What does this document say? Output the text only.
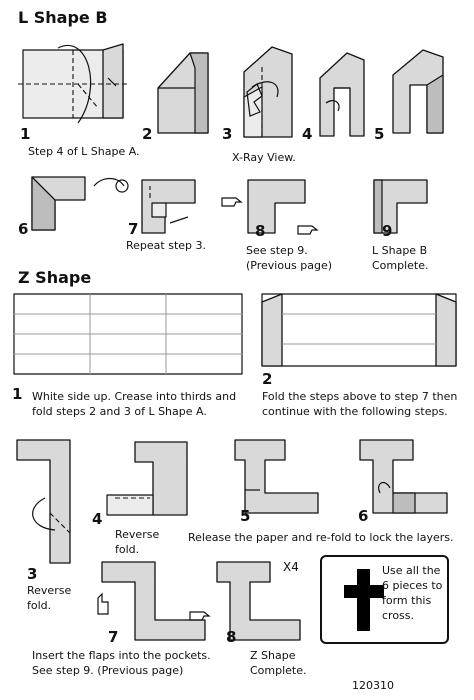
L Shape B
1	2	3
X-Ray View.
4	5
Step 4 of L Shape A.
6	7
Repeat step 3.
8
See step 9.
(Previous page)
9
L Shape B
Complete.
Z Shape
1 White side up. Crease into thirds and
fold steps 2 and 3 of L Shape A.
2
Fold the steps above to step 7 then
continue with the following steps.
3
Reverse
fold.
4
Reverse
fold.
5	6
Release the paper and re-fold to lock the layers.
7
Insert the flaps into the pockets.
See step 9. (Previous page)
X4
8
Z Shape
Complete.
Use all the
6 pieces to
form this
cross.
120310
